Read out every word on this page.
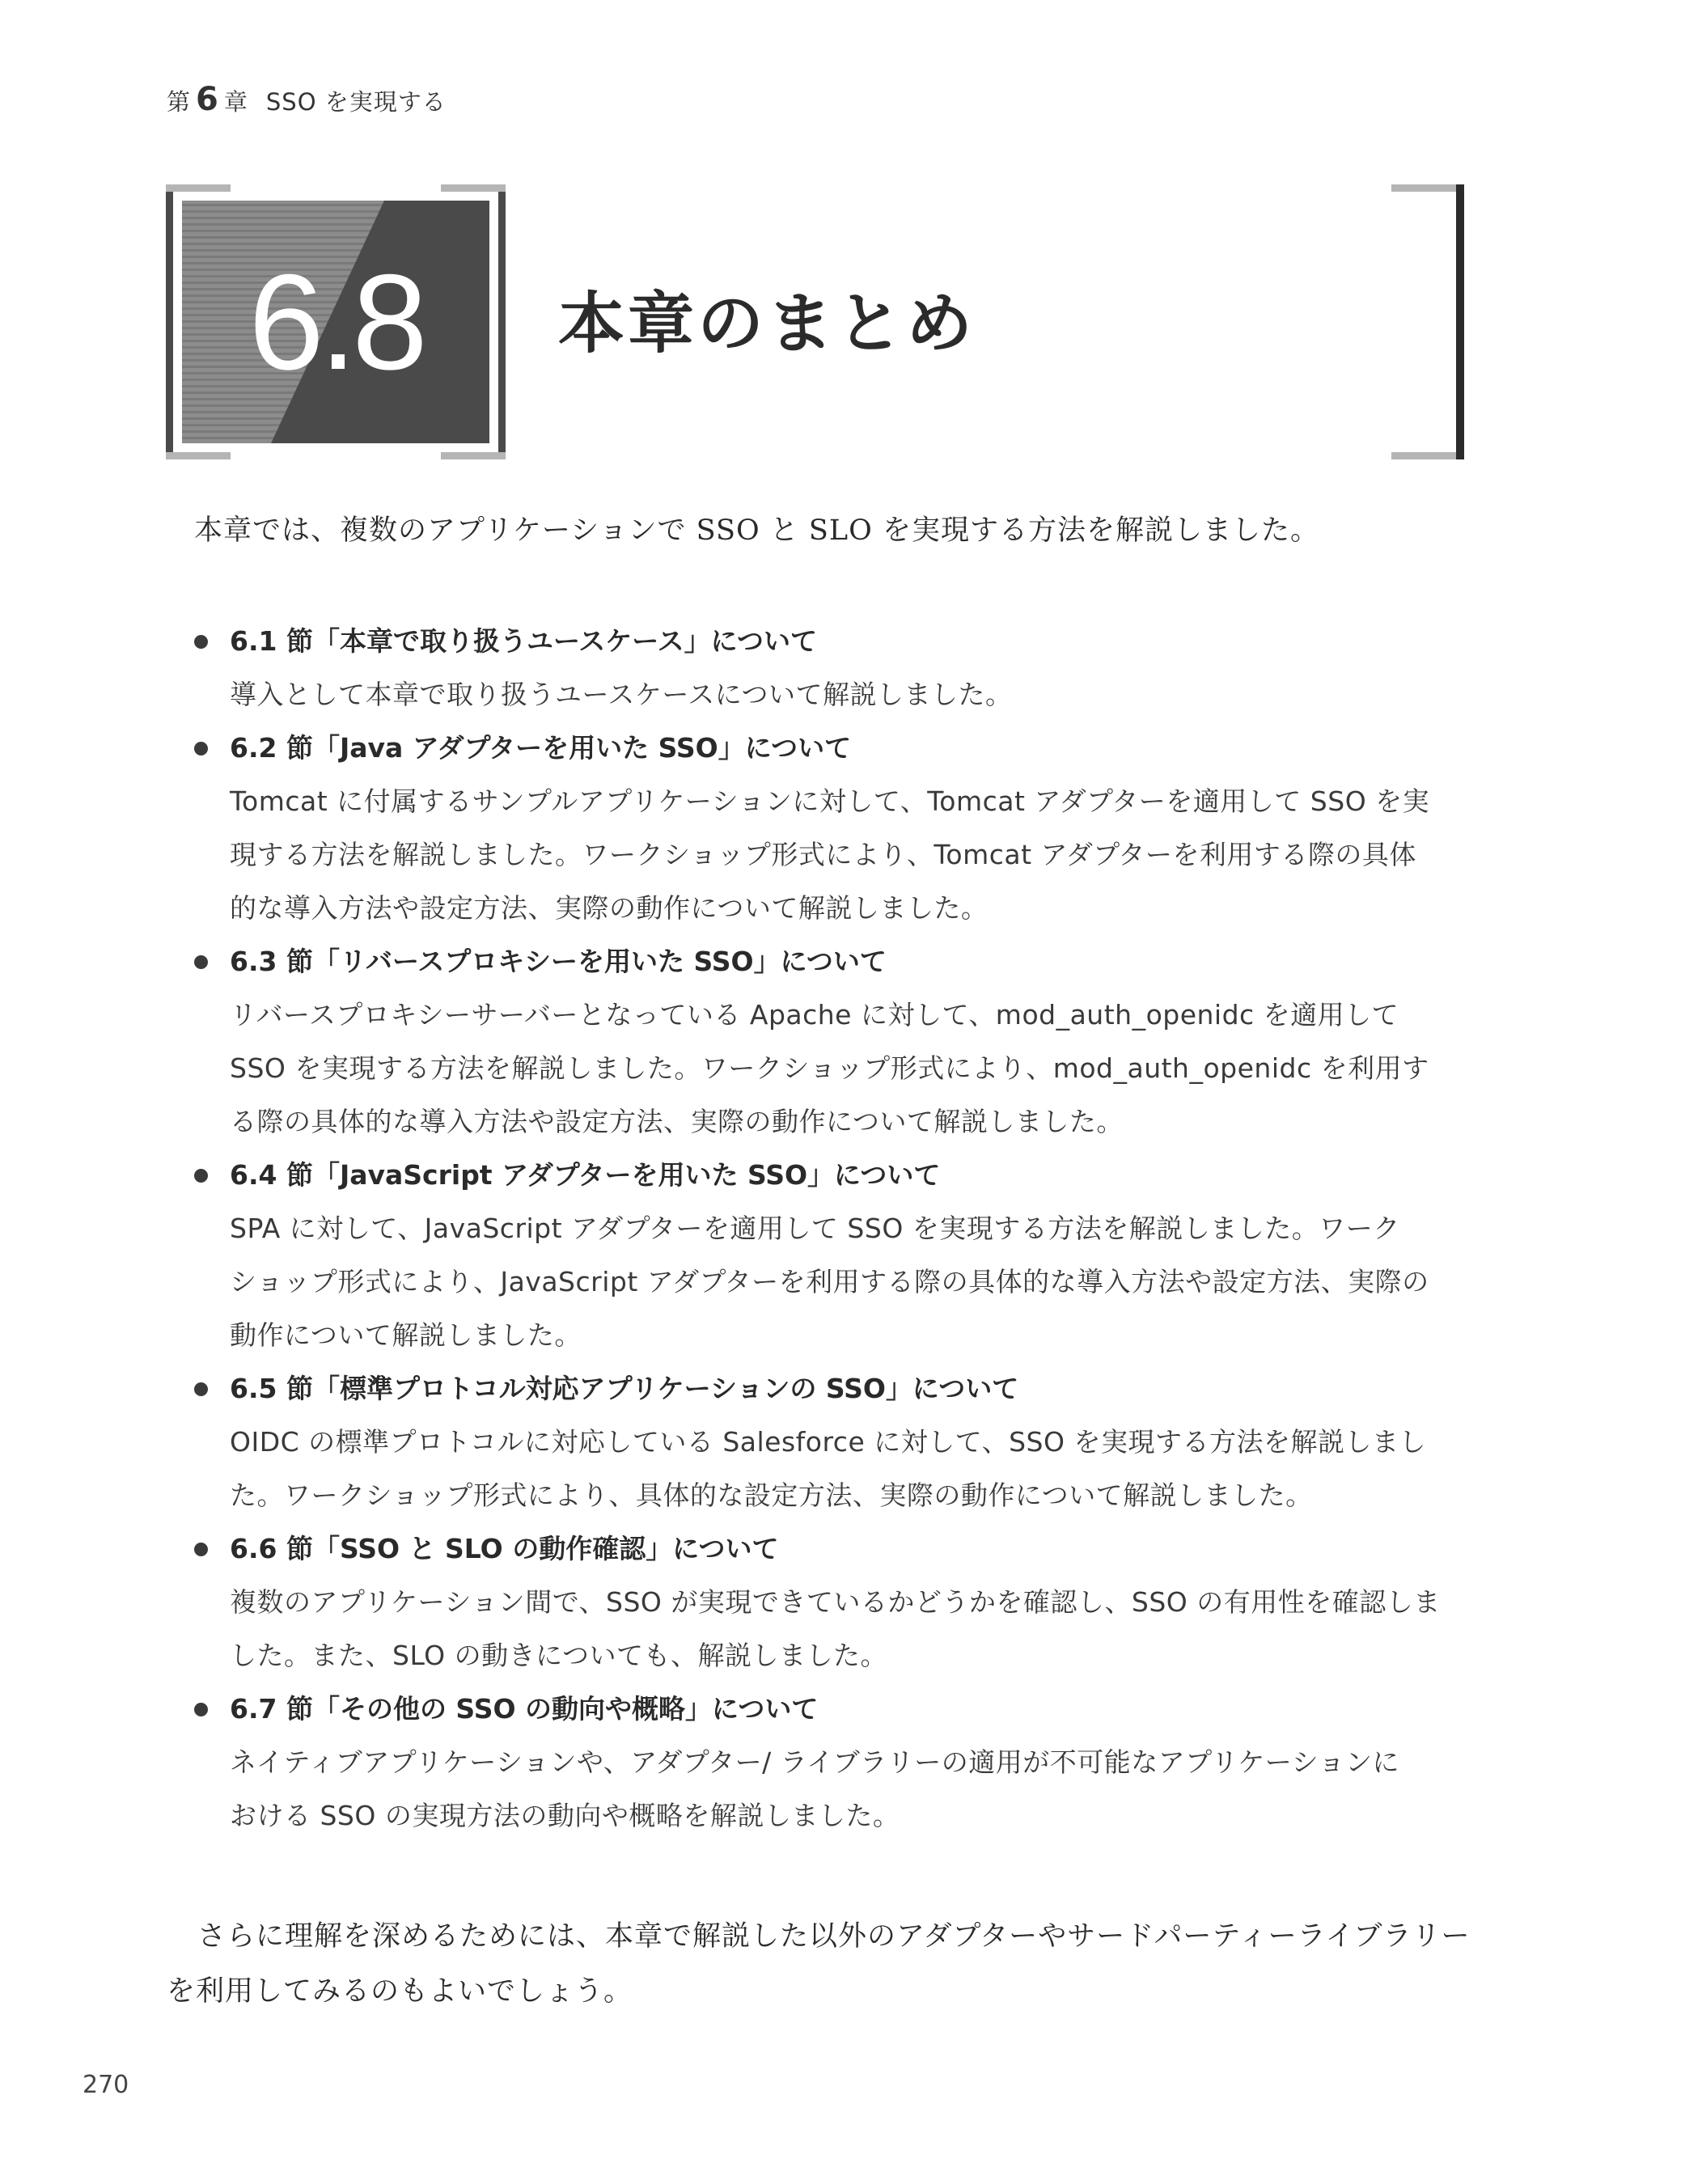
第 6 章 SSO を実現する
6.8	本章のまとめ
本章では、複数のアプリケーションで SSO と SLO を実現する方法を解説しました。
6.1 節「本章で取り扱うユースケース」について
導入として本章で取り扱うユースケースについて解説しました。
6.2 節「Java アダプターを用いた SSO」について
Tomcat に付属するサンプルアプリケーションに対して、Tomcat アダプターを適用して SSO を実
現する方法を解説しました。ワークショップ形式により、Tomcat アダプターを利用する際の具体
的な導入方法や設定方法、実際の動作について解説しました。
6.3 節「リバースプロキシーを用いた SSO」について
リバースプロキシーサーバーとなっている Apache に対して、mod_auth_openidc を適用して
SSO を実現する方法を解説しました。ワークショップ形式により、mod_auth_openidc を利用す
る際の具体的な導入方法や設定方法、実際の動作について解説しました。
6.4 節「JavaScript アダプターを用いた SSO」について
SPA に対して、JavaScript アダプターを適用して SSO を実現する方法を解説しました。ワーク
ショップ形式により、JavaScript アダプターを利用する際の具体的な導入方法や設定方法、実際の
動作について解説しました。
6.5 節「標準プロトコル対応アプリケーションの SSO」について
OIDC の標準プロトコルに対応している Salesforce に対して、SSO を実現する方法を解説しまし
た。ワークショップ形式により、具体的な設定方法、実際の動作について解説しました。
6.6 節「SSO と SLO の動作確認」について
複数のアプリケーション間で、SSO が実現できているかどうかを確認し、SSO の有用性を確認しま
した。また、SLO の動きについても、解説しました。
6.7 節「その他の SSO の動向や概略」について
ネイティブアプリケーションや、アダプター/ ライブラリーの適用が不可能なアプリケーションに
おける SSO の実現方法の動向や概略を解説しました。
さらに理解を深めるためには、本章で解説した以外のアダプターやサードパーティーライブラリーを利用してみるのもよいでしょう。
270
